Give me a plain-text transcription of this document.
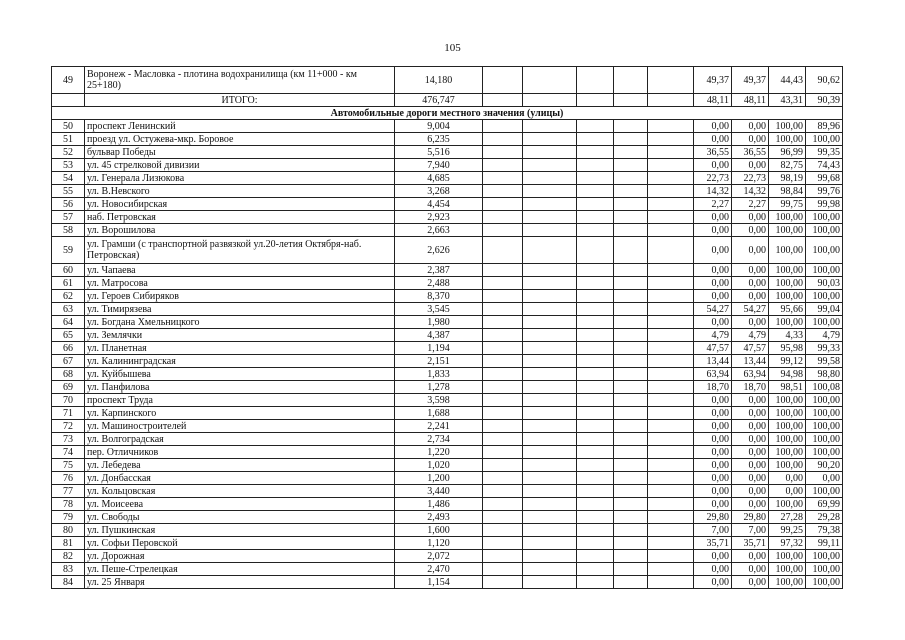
105
49	Воронеж - Масловка - плотина водохранилища (км 11+000 - км 25+180)	14,180						49,37	49,37	44,43	90,62
	ИТОГО:	476,747						48,11	48,11	43,31	90,39
Автомобильные дороги местного значения (улицы)											
50	проспект Ленинский	9,004						0,00	0,00	100,00	89,96
51	проезд ул. Остужева-мкр. Боровое	6,235						0,00	0,00	100,00	100,00
52	бульвар Победы	5,516						36,55	36,55	96,99	99,35
53	ул. 45 стрелковой дивизии	7,940						0,00	0,00	82,75	74,43
54	ул. Генерала Лизюкова	4,685						22,73	22,73	98,19	99,68
55	ул. В.Невского	3,268						14,32	14,32	98,84	99,76
56	ул. Новосибирская	4,454						2,27	2,27	99,75	99,98
57	наб. Петровская	2,923						0,00	0,00	100,00	100,00
58	ул. Ворошилова	2,663						0,00	0,00	100,00	100,00
59	ул. Грамши (с транспортной развязкой ул.20-летия Октября-наб. Петровская)	2,626						0,00	0,00	100,00	100,00
60	ул. Чапаева	2,387						0,00	0,00	100,00	100,00
61	ул. Матросова	2,488						0,00	0,00	100,00	90,03
62	ул. Героев Сибиряков	8,370						0,00	0,00	100,00	100,00
63	ул. Тимирязева	3,545						54,27	54,27	95,66	99,04
64	ул. Богдана Хмельницкого	1,980						0,00	0,00	100,00	100,00
65	ул. Землячки	4,387						4,79	4,79	4,33	4,79
66	ул. Планетная	1,194						47,57	47,57	95,98	99,33
67	ул. Калининградская	2,151						13,44	13,44	99,12	99,58
68	ул. Куйбышева	1,833						63,94	63,94	94,98	98,80
69	ул. Панфилова	1,278						18,70	18,70	98,51	100,08
70	проспект Труда	3,598						0,00	0,00	100,00	100,00
71	ул. Карпинского	1,688						0,00	0,00	100,00	100,00
72	ул. Машиностроителей	2,241						0,00	0,00	100,00	100,00
73	ул. Волгоградская	2,734						0,00	0,00	100,00	100,00
74	пер. Отличников	1,220						0,00	0,00	100,00	100,00
75	ул. Лебедева	1,020						0,00	0,00	100,00	90,20
76	ул. Донбасская	1,200						0,00	0,00	0,00	0,00
77	ул. Кольцовская	3,440						0,00	0,00	0,00	100,00
78	ул. Моисеева	1,486						0,00	0,00	100,00	69,99
79	ул. Свободы	2,493						29,80	29,80	27,28	29,28
80	ул. Пушкинская	1,600						7,00	7,00	99,25	79,38
81	ул. Софьи Перовской	1,120						35,71	35,71	97,32	99,11
82	ул. Дорожная	2,072						0,00	0,00	100,00	100,00
83	ул. Пеше-Стрелецкая	2,470						0,00	0,00	100,00	100,00
84	ул. 25 Января	1,154						0,00	0,00	100,00	100,00
